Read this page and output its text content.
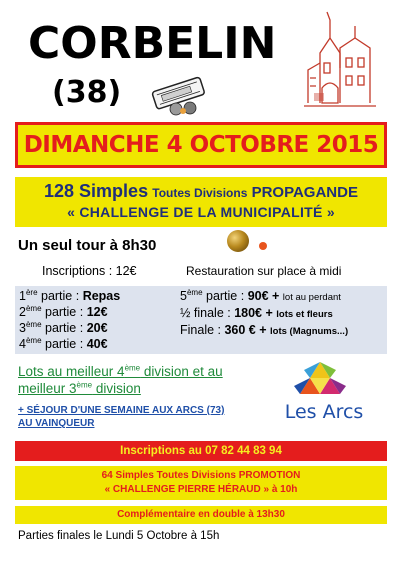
CORBELIN
(38)
DIMANCHE 4 OCTOBRE 2015
128 Simples Toutes Divisions PROPAGANDE
« CHALLENGE DE LA MUNICIPALITÉ »
Un seul tour à 8h30
Inscriptions : 12€	Restauration sur place à midi
1ère partie : Repas
2ème partie : 12€
3ème partie : 20€
4ème partie : 40€
5ème partie : 90€ + lot au perdant
½ finale : 180€ + lots et fleurs
Finale : 360 € + lots (Magnums...)
Lots au meilleur 4ème division et au meilleur 3ème division
+ SÉJOUR D'UNE SEMAINE AUX ARCS (73)
AU VAINQUEUR
Les Arcs
Inscriptions au 07 82 44 83 94
64 Simples Toutes Divisions PROMOTION
« CHALLENGE PIERRE HÉRAUD » à 10h
Complémentaire en double à 13h30
Parties finales le Lundi 5 Octobre à 15h
